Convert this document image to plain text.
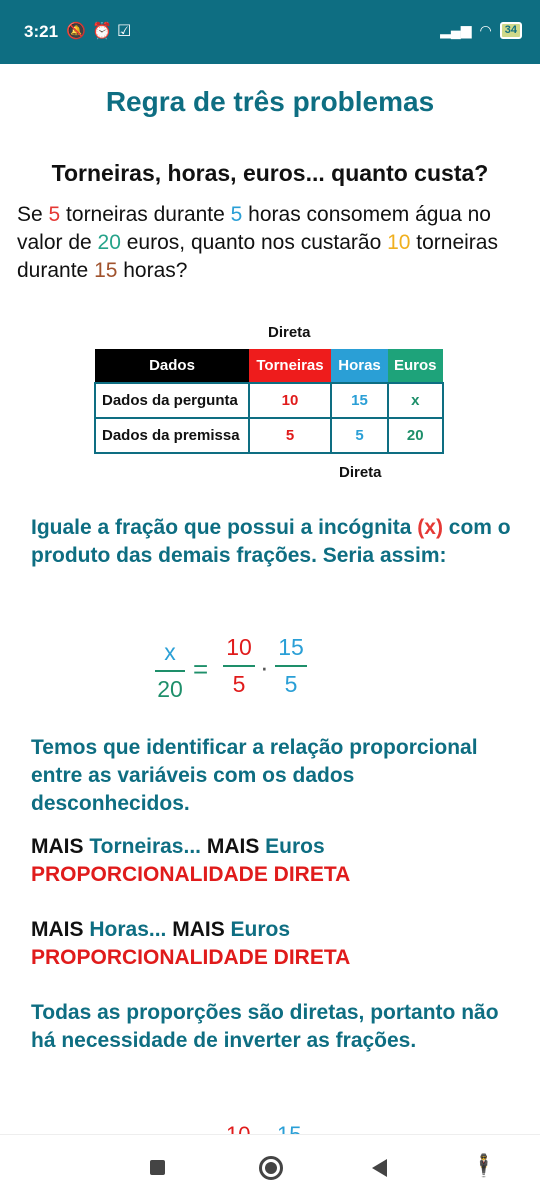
3:21 🔕 ⏰ ☑	▂▄▆ ◠	34
Regra de três problemas
Torneiras, horas, euros... quanto custa?
Se 5 torneiras durante 5 horas consomem água no valor de 20 euros, quanto nos custarão 10 torneiras durante 15 horas?
Direta
Dados	Torneiras	Horas	Euros
Dados da pergunta	10	15	x
Dados da premissa	5	5	20
Direta
Iguale a fração que possui a incógnita (x) com o produto das demais frações. Seria assim:
x
20
=
10
5
·
15
5
Temos que identificar a relação proporcional entre as variáveis com os dados desconhecidos.
MAIS Torneiras... MAIS Euros
PROPORCIONALIDADE DIRETA
MAIS Horas... MAIS Euros
PROPORCIONALIDADE DIRETA
Todas as proporções são diretas, portanto não há necessidade de inverter as frações.
🕴
